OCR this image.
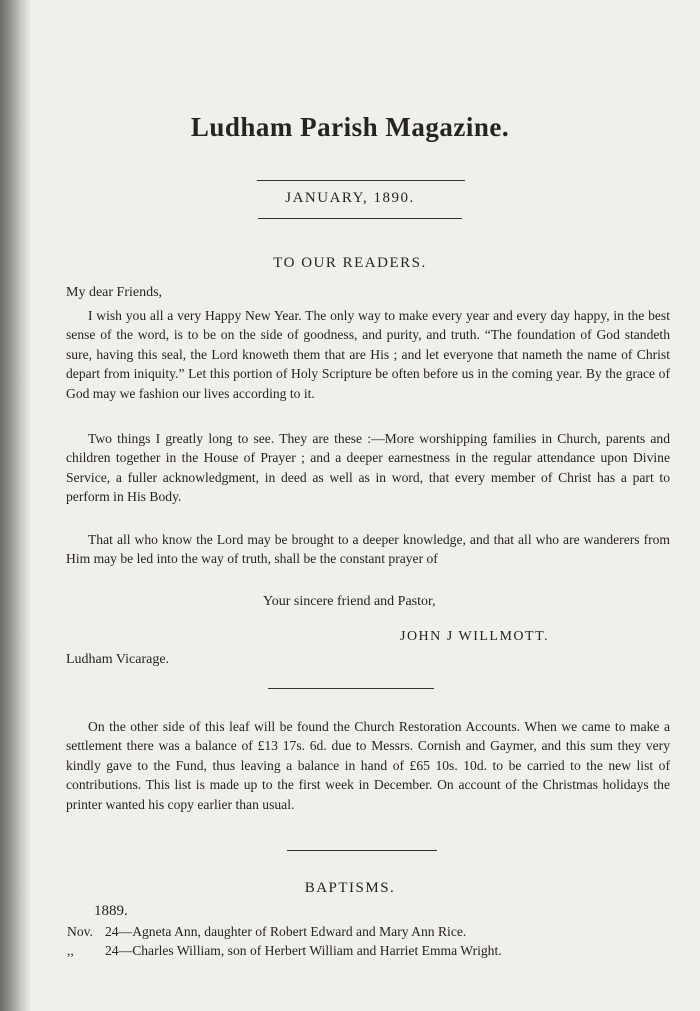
Ludham Parish Magazine.
JANUARY, 1890.
TO OUR READERS.
My dear Friends,

I wish you all a very Happy New Year. The only way to make every year and every day happy, in the best sense of the word, is to be on the side of goodness, and purity, and truth. “The foundation of God standeth sure, having this seal, the Lord knoweth them that are His ; and let everyone that nameth the name of Christ depart from iniquity.” Let this portion of Holy Scripture be often before us in the coming year. By the grace of God may we fashion our lives according to it.

Two things I greatly long to see. They are these :—More worshipping families in Church, parents and children together in the House of Prayer ; and a deeper earnestness in the regular attendance upon Divine Service, a fuller acknowledgment, in deed as well as in word, that every member of Christ has a part to perform in His Body.

That all who know the Lord may be brought to a deeper knowledge, and that all who are wanderers from Him may be led into the way of truth, shall be the constant prayer of

Your sincere friend and Pastor,
JOHN J WILLMOTT.
Ludham Vicarage.

On the other side of this leaf will be found the Church Restoration Accounts. When we came to make a settlement there was a balance of £13 17s. 6d. due to Messrs. Cornish and Gaymer, and this sum they very kindly gave to the Fund, thus leaving a balance in hand of £65 10s. 10d. to be carried to the new list of contributions. This list is made up to the first week in December. On account of the Christmas holidays the printer wanted his copy earlier than usual.

BAPTISMS.
1889.
Nov. 24—Agneta Ann, daughter of Robert Edward and Mary Ann Rice.
,, 24—Charles William, son of Herbert William and Harriet Emma Wright.
